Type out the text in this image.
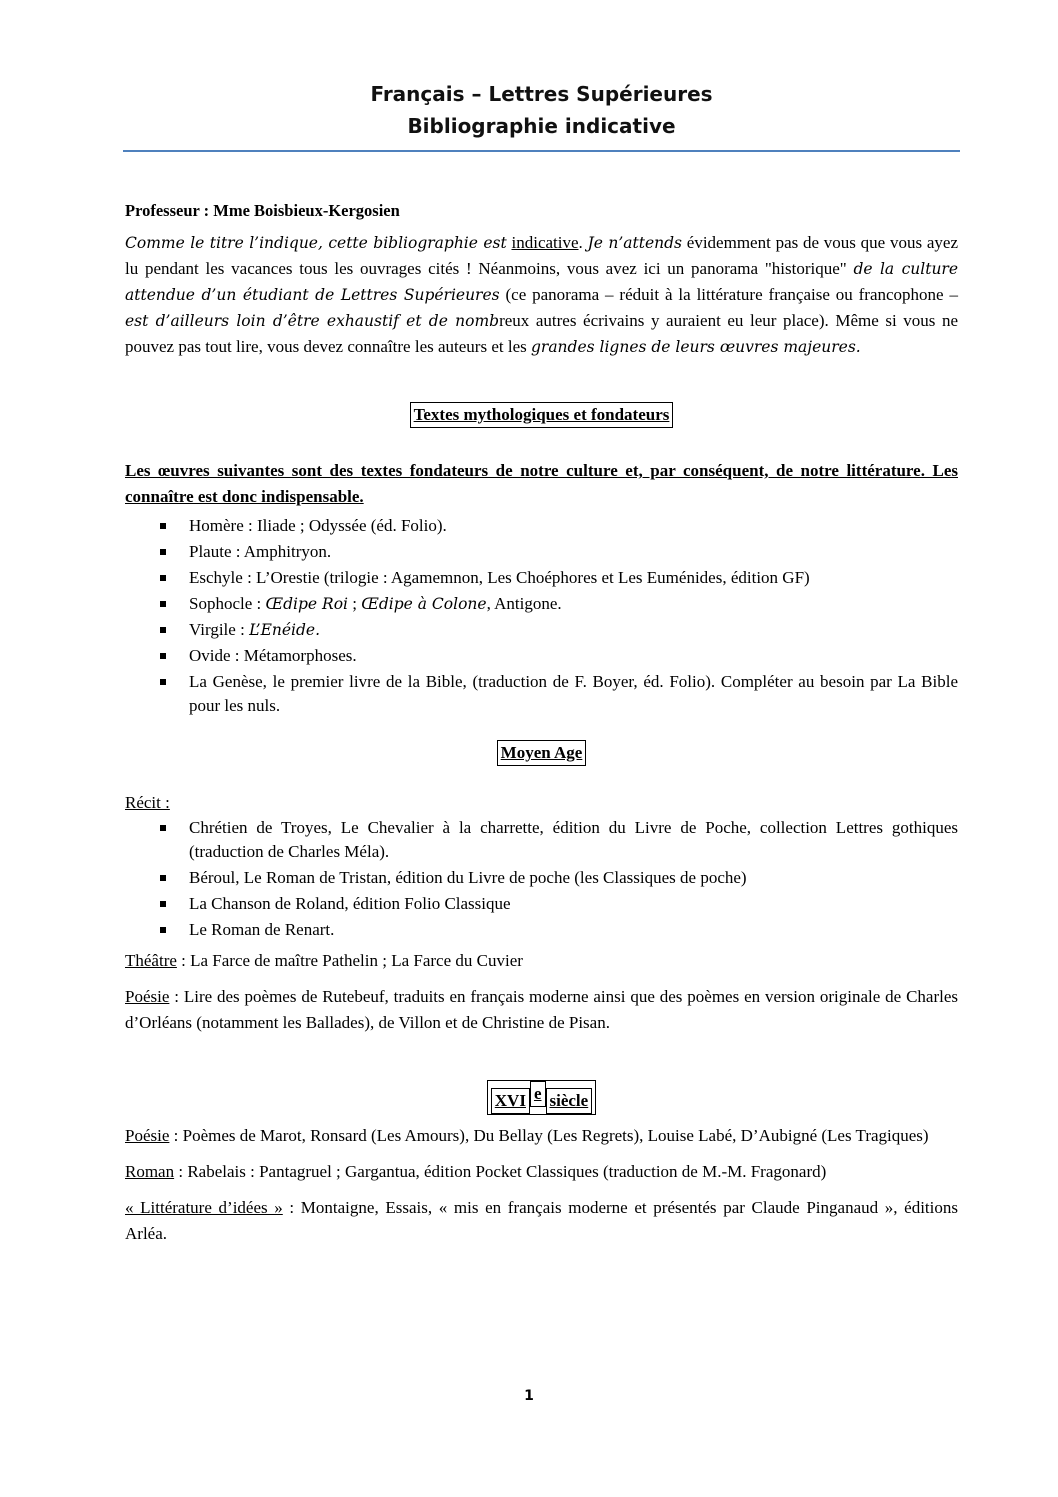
Français – Lettres Supérieures
Bibliographie indicative

Professeur : Mme Boisbieux-Kergosien

Comme le titre l’indique, cette bibliographie est indicative. Je n’attends évidemment pas de vous que vous ayez lu pendant les vacances tous les ouvrages cités ! Néanmoins, vous avez ici un panorama "historique" de la culture attendue d’un étudiant de Lettres Supérieures (ce panorama – réduit à la littérature française ou francophone – est d’ailleurs loin d’être exhaustif et de nombreux autres écrivains y auraient eu leur place). Même si vous ne pouvez pas tout lire, vous devez connaître les auteurs et les grandes lignes de leurs œuvres majeures.

Textes mythologiques et fondateurs

Les œuvres suivantes sont des textes fondateurs de notre culture et, par conséquent, de notre littérature. Les connaître est donc indispensable.

Homère : Iliade ; Odyssée (éd. Folio).
Plaute : Amphitryon.
Eschyle : L’Orestie (trilogie : Agamemnon, Les Choéphores et Les Euménides, édition GF)
Sophocle : Œdipe Roi ; Œdipe à Colone, Antigone.
Virgile : L’Enéide.
Ovide : Métamorphoses.
La Genèse, le premier livre de la Bible, (traduction de F. Boyer, éd. Folio). Compléter au besoin par La Bible pour les nuls.
Moyen Age

Récit :

Chrétien de Troyes, Le Chevalier à la charrette, édition du Livre de Poche, collection Lettres gothiques (traduction de Charles Méla).
Béroul, Le Roman de Tristan, édition du Livre de poche (les Classiques de poche)
La Chanson de Roland, édition Folio Classique
Le Roman de Renart.

Théâtre : La Farce de maître Pathelin ; La Farce du Cuvier

Poésie : Lire des poèmes de Rutebeuf, traduits en français moderne ainsi que des poèmes en version originale de Charles d’Orléans (notamment les Ballades), de Villon et de Christine de Pisan.

XVI esiècle

Poésie : Poèmes de Marot, Ronsard (Les Amours), Du Bellay (Les Regrets), Louise Labé, D’Aubigné (Les Tragiques)

Roman : Rabelais : Pantagruel ; Gargantua, édition Pocket Classiques (traduction de M.-M. Fragonard)

« Littérature d’idées » : Montaigne, Essais, « mis en français moderne et présentés par Claude Pinganaud », éditions Arléa.

1
